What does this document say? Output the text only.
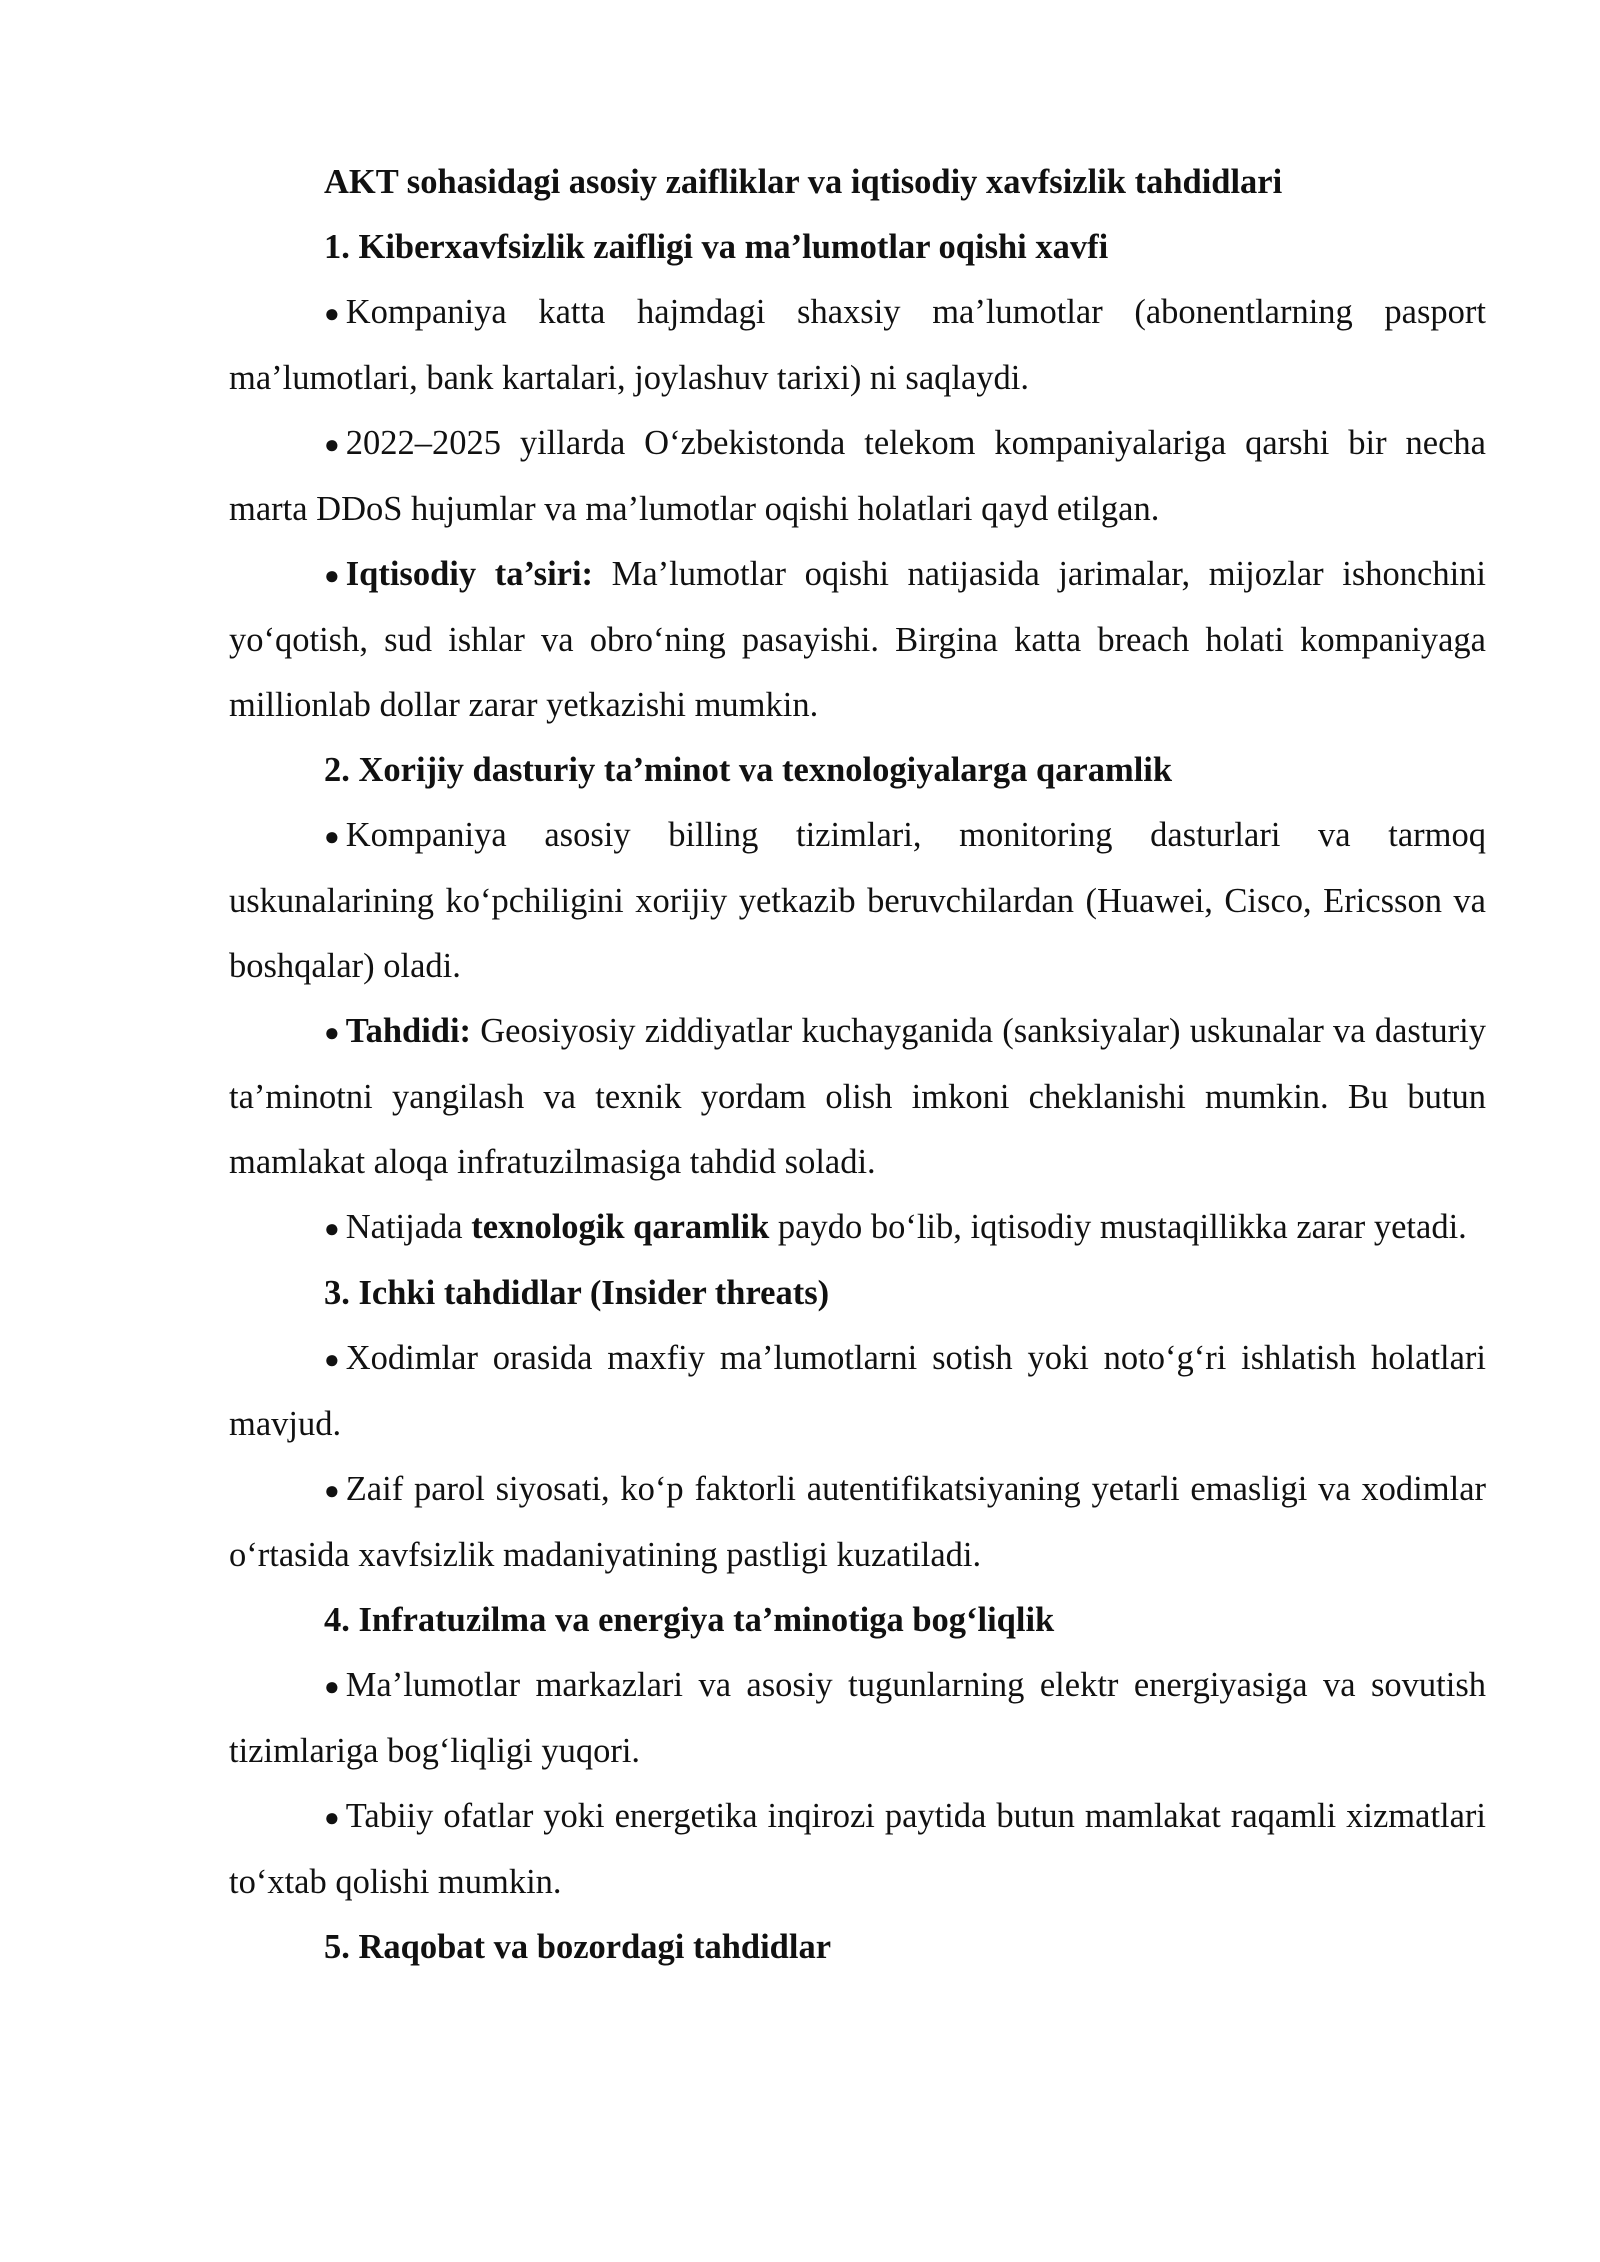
AKT sohasidagi asosiy zaifliklar va iqtisodiy xavfsizlik tahdidlari

1. Kiberxavfsizlik zaifligi va ma’lumotlar oqishi xavfi

● Kompaniya katta hajmdagi shaxsiy ma’lumotlar (abonentlarning pasport ma’lumotlari, bank kartalari, joylashuv tarixi) ni saqlaydi.

● 2022–2025 yillarda O‘zbekistonda telekom kompaniyalariga qarshi bir necha marta DDoS hujumlar va ma’lumotlar oqishi holatlari qayd etilgan.

● Iqtisodiy ta’siri: Ma’lumotlar oqishi natijasida jarimalar, mijozlar ishonchini yo‘qotish, sud ishlar va obro‘ning pasayishi. Birgina katta breach holati kompaniyaga millionlab dollar zarar yetkazishi mumkin.

2. Xorijiy dasturiy ta’minot va texnologiyalarga qaramlik

● Kompaniya asosiy billing tizimlari, monitoring dasturlari va tarmoq uskunalarining ko‘pchiligini xorijiy yetkazib beruvchilardan (Huawei, Cisco, Ericsson va boshqalar) oladi.

● Tahdidi: Geosiyosiy ziddiyatlar kuchayganida (sanksiyalar) uskunalar va dasturiy ta’minotni yangilash va texnik yordam olish imkoni cheklanishi mumkin. Bu butun mamlakat aloqa infratuzilmasiga tahdid soladi.

● Natijada texnologik qaramlik paydo bo‘lib, iqtisodiy mustaqillikka zarar yetadi.

3. Ichki tahdidlar (Insider threats)

● Xodimlar orasida maxfiy ma’lumotlarni sotish yoki noto‘g‘ri ishlatish holatlari mavjud.

● Zaif parol siyosati, ko‘p faktorli autentifikatsiyaning yetarli emasligi va xodimlar o‘rtasida xavfsizlik madaniyatining pastligi kuzatiladi.

4. Infratuzilma va energiya ta’minotiga bog‘liqlik

● Ma’lumotlar markazlari va asosiy tugunlarning elektr energiyasiga va sovutish tizimlariga bog‘liqligi yuqori.

● Tabiiy ofatlar yoki energetika inqirozi paytida butun mamlakat raqamli xizmatlari to‘xtab qolishi mumkin.

5. Raqobat va bozordagi tahdidlar
